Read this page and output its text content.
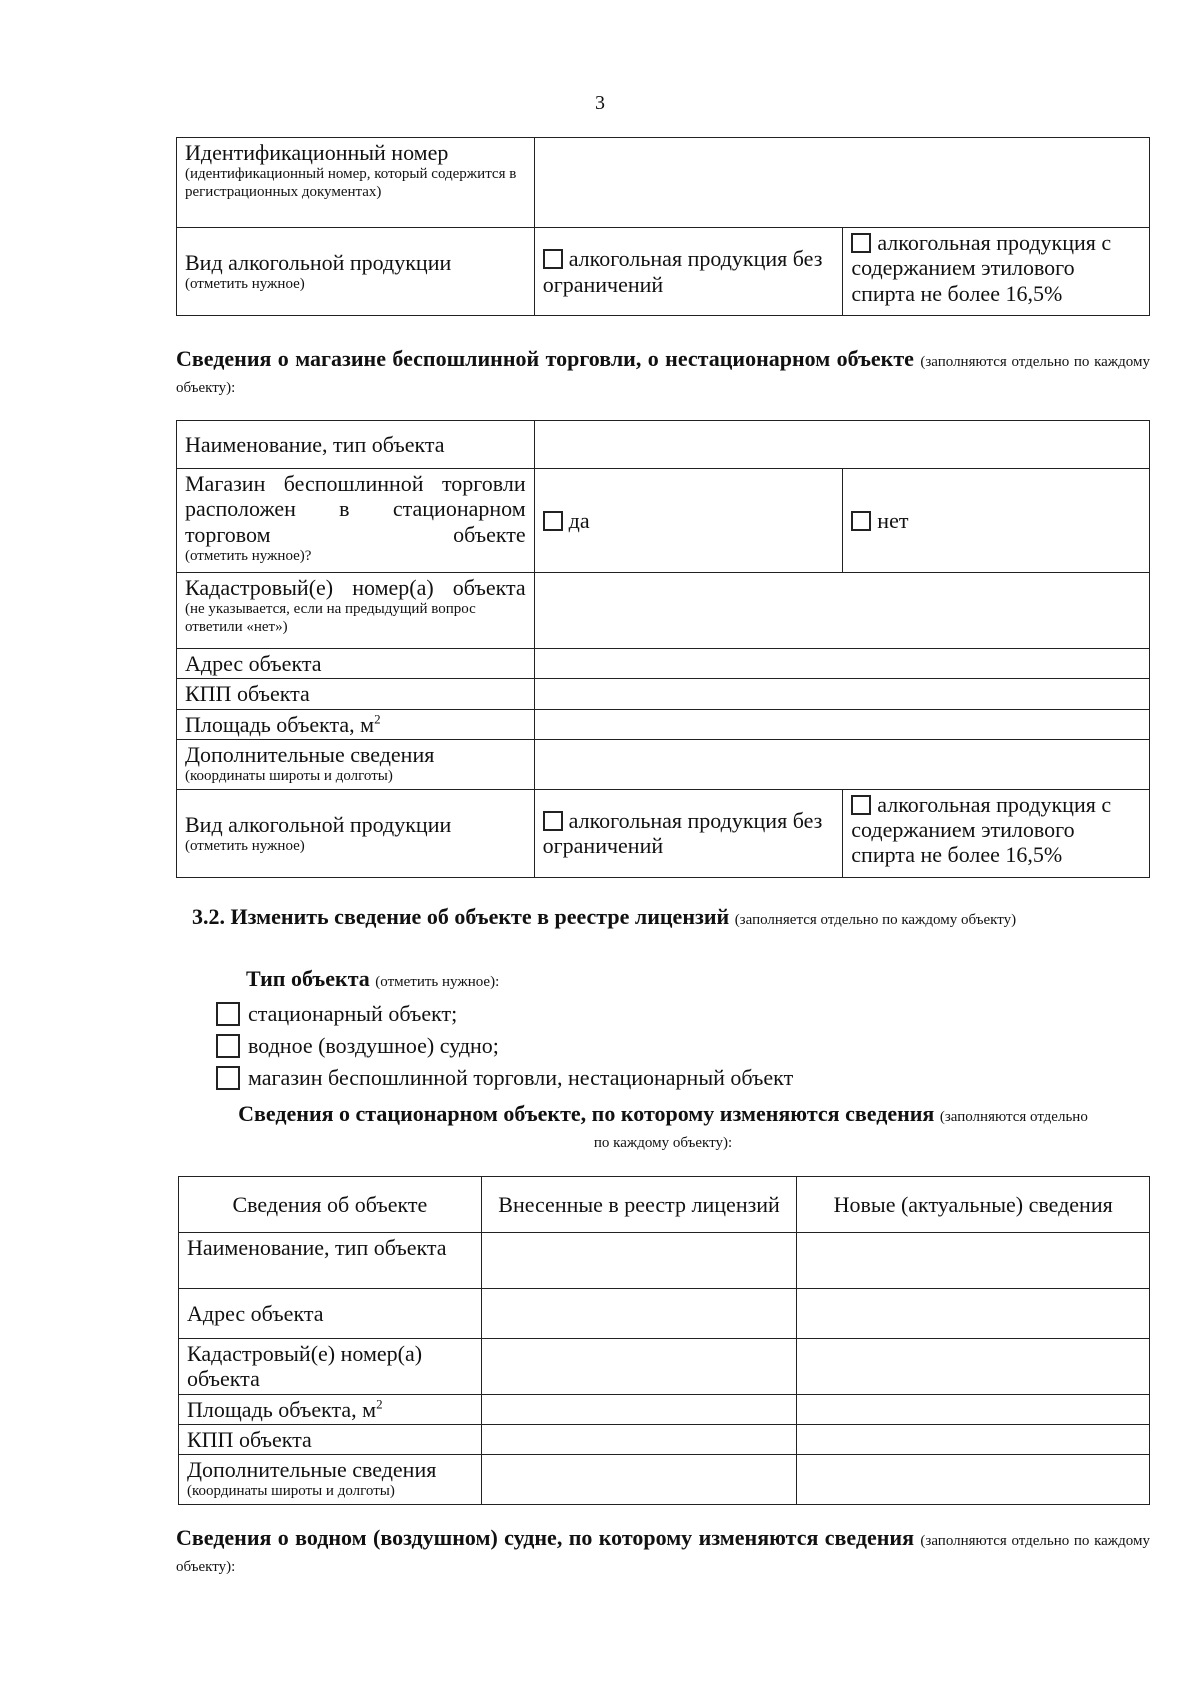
3
Идентификационный номер
(идентификационный номер, который содержится в регистрационных документах)		

Вид алкогольной продукции
(отметить нужное)	алкогольная продукция без ограничений	алкогольная продукция с содержанием этилового спирта не более 16,5%
Сведения о магазине беспошлинной торговли, о нестационарном объекте (заполняются отдельно по каждому объекту):
Наименование, тип объекта		

Магазин беспошлинной торговли расположен в стационарном торговом объекте
(отметить нужное)?	да	нет

Кадастровый(е) номер(а) объекта
(не указывается, если на предыдущий вопрос ответили «нет»)		

Адрес объекта		
КПП объекта		
Площадь объекта, $м^2$	
Дополнительные сведения
(координаты широты и долготы)		

Вид алкогольной продукции
(отметить нужное)	алкогольная продукция без ограничений	алкогольная продукция с содержанием этилового спирта не более 16,5%
3.2. Изменить сведение об объекте в реестре лицензий (заполняется отдельно по каждому объекту)
Тип объекта (отметить нужное):
стационарный объект;
водное (воздушное) судно;
магазин беспошлинной торговли, нестационарный объект
Сведения о стационарном объекте, по которому изменяются сведения (заполняются отдельно
по каждому объекту):
Сведения об объекте	Внесенные в реестр лицензий	Новые (актуальные) сведения
Наименование, тип объекта		
Адрес объекта		
Кадастровый(е) номер(а) объекта		
Площадь объекта, $м^2$		
КПП объекта		
Дополнительные сведения
(координаты широты и долготы)		

Сведения о водном (воздушном) судне, по которому изменяются сведения (заполняются отдельно по каждому объекту):
